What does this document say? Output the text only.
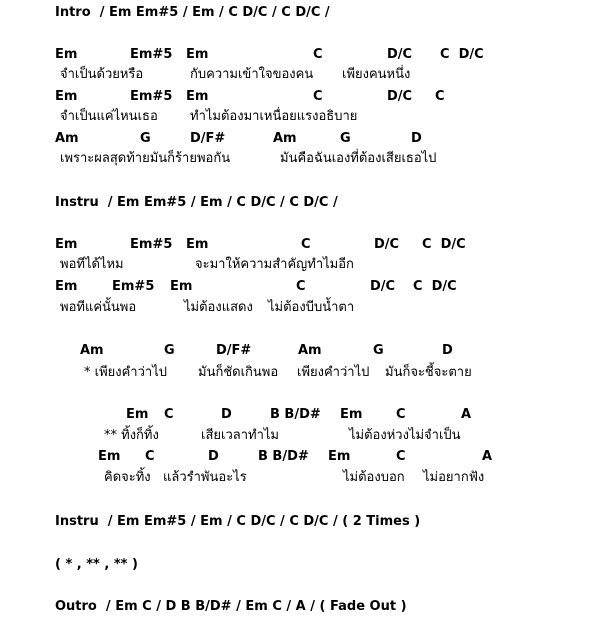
Intro  / Em Em#5 / Em / C D/C / C D/C /
Em	Em#5 Em	C	D/C C  D/C
จำเป็นด้วยหรือ	กับความเข้าใจของคน เพียงคนหนึ่ง
Em	Em#5 Em	C	D/C C
จำเป็นแค่ไหนเธอ ทำไมต้องมาเหนื่อยแรงอธิบาย
Am	G	D/F#	Am	G	D
เพราะผลสุดท้ายมันก็ร้ายพอกัน	มันคือฉันเองที่ต้องเสียเธอไป
Instru  / Em Em#5 / Em / C D/C / C D/C /
Em	Em#5 Em	C	D/C C  D/C
พอทีได้ไหม	จะมาให้ความสำคัญทำไมอีก
Em	Em#5 Em	C	D/C C  D/C
พอทีแค่นั้นพอ	ไม่ต้องแสดง ไม่ต้องบีบน้ำตา
Am	G	D/F#	Am	G	D
* เพียงคำว่าไป มันก็ชัดเกินพอ เพียงคำว่าไป มันก็จะชี้จะตาย
Em C	D	B B/D# Em	C	A
** ทิ้งก็ทิ้ง	เสียเวลาทำไม	ไม่ต้องห่วงไม่จำเป็น
Em C	D	B B/D# Em	C	A
คิดจะทิ้ง แล้วรำพันอะไร	ไม่ต้องบอก ไม่อยากฟัง
Instru  / Em Em#5 / Em / C D/C / C D/C / ( 2 Times )
( * , ** , ** )
Outro  / Em C / D B B/D# / Em C / A / ( Fade Out )
